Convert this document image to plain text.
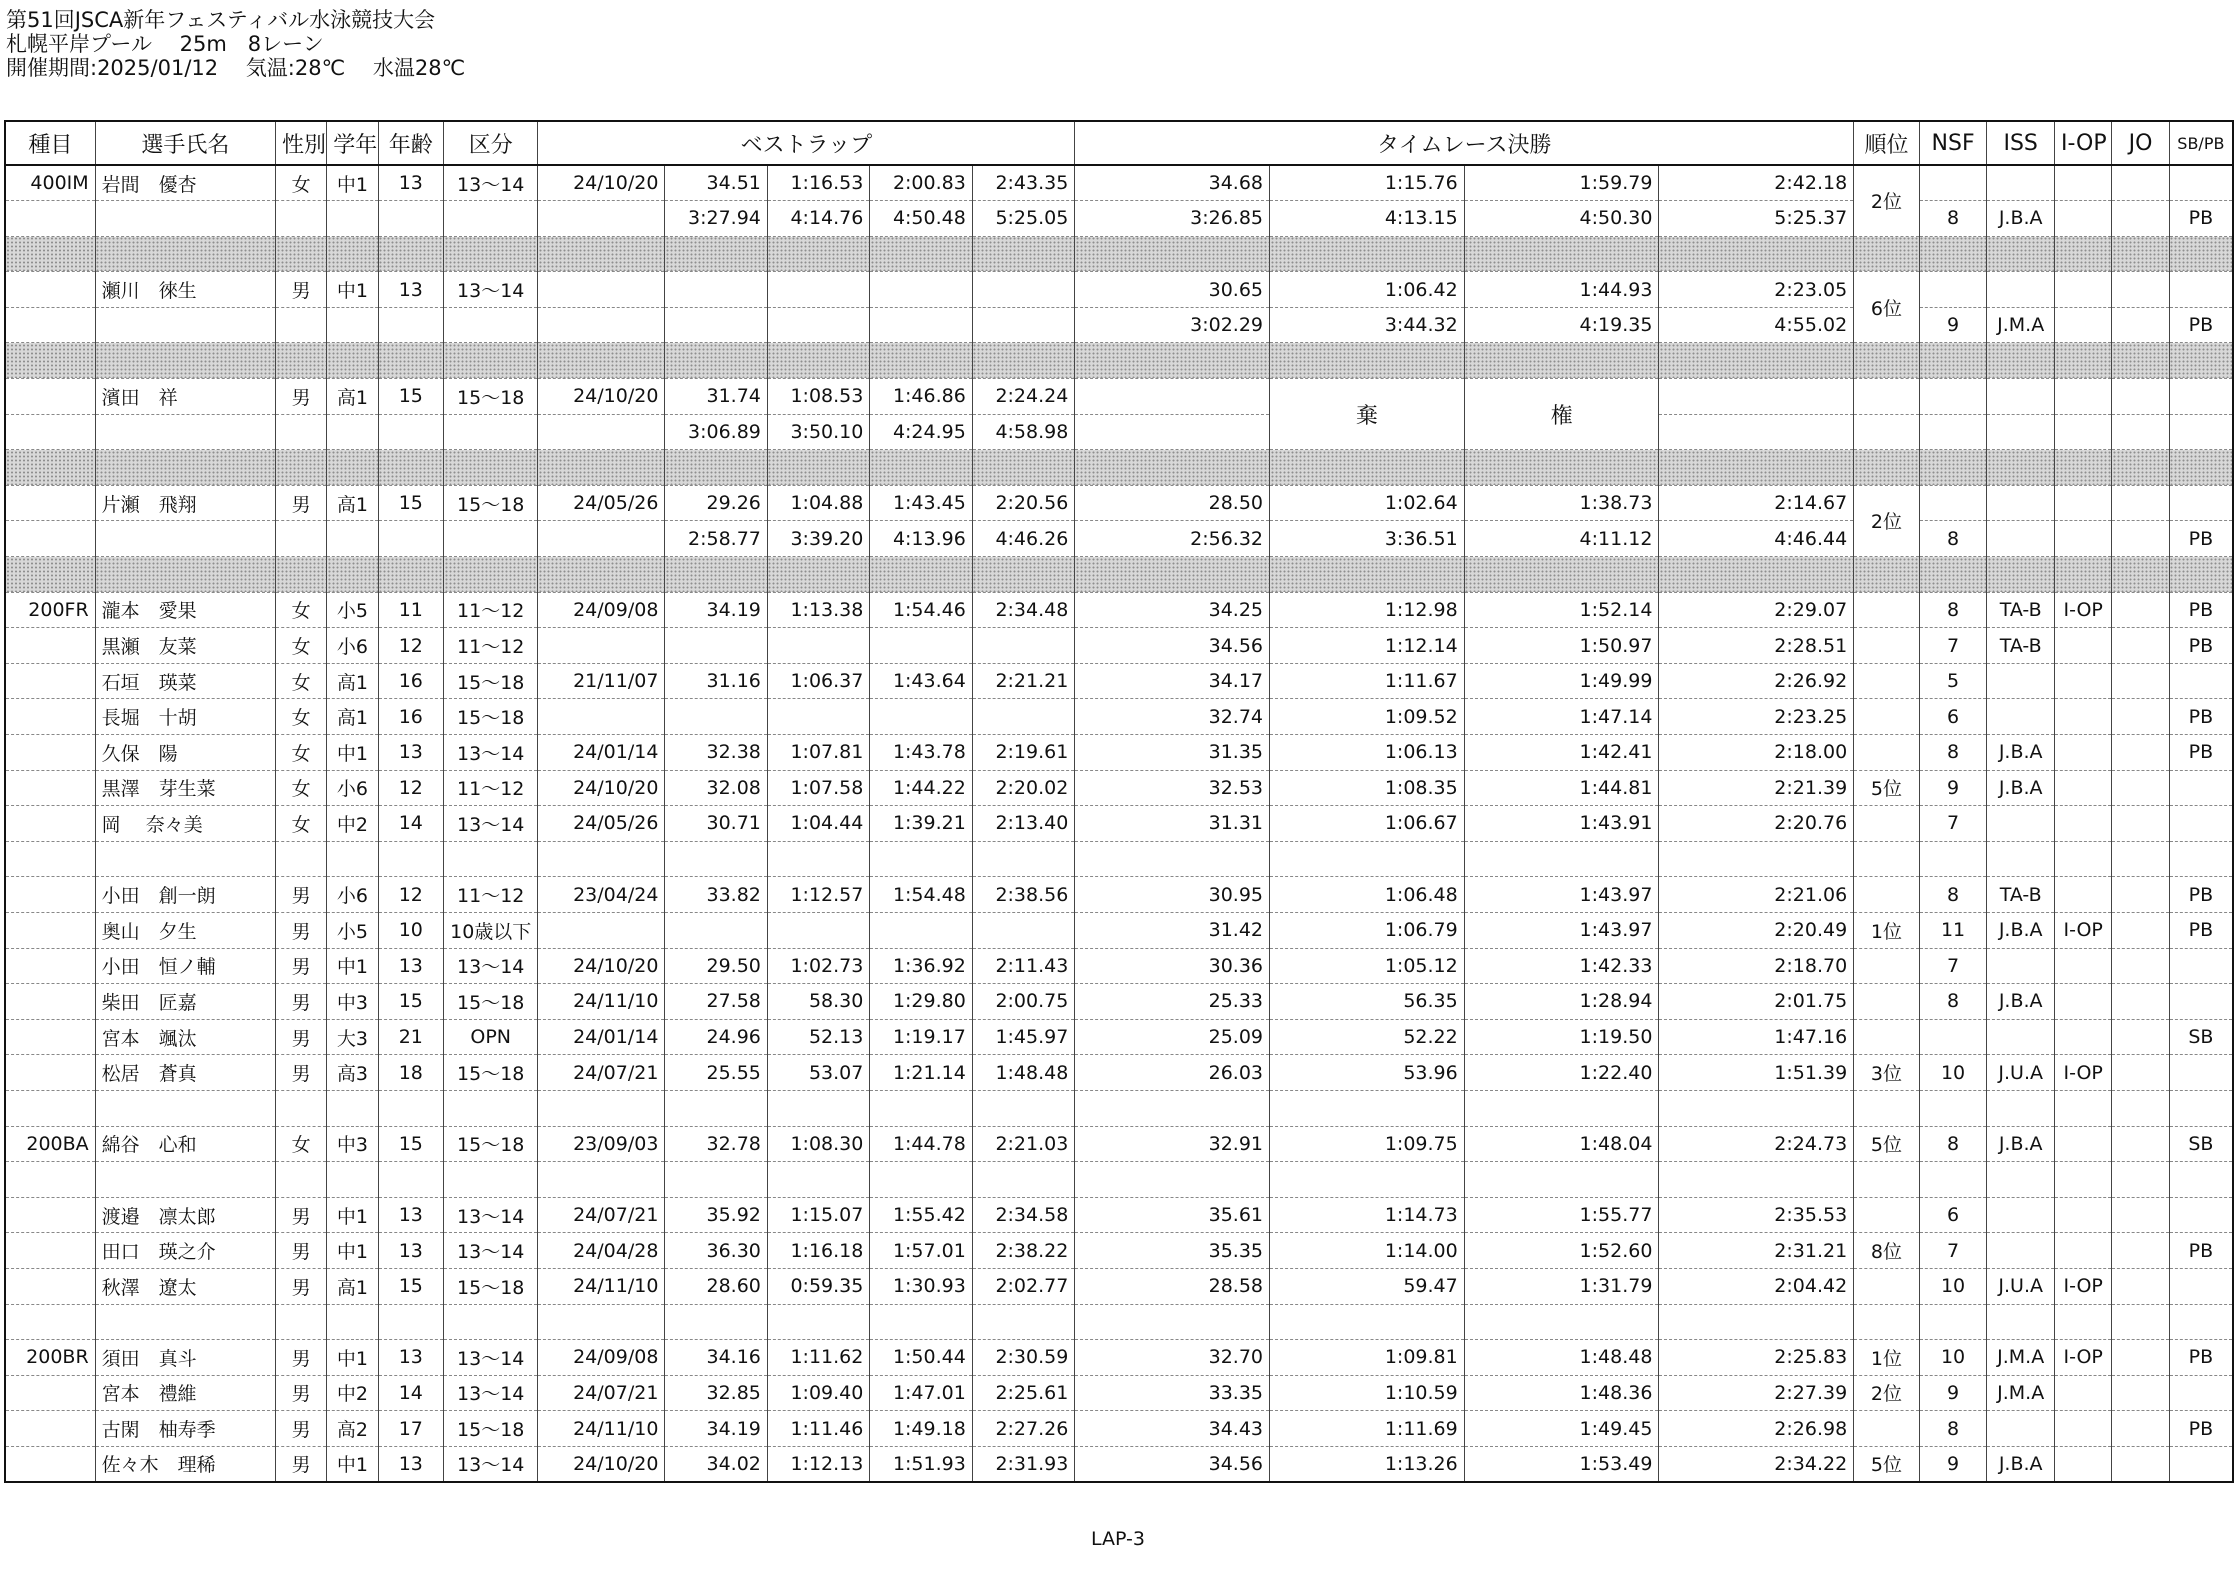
第51回JSCA新年フェスティバル水泳競技大会
札幌平岸プール　 25m　8レーン
開催期間:2025/01/12　 気温:28℃　 水温28℃
種目	選手氏名	性別	学年	年齢	区分	ベストラップ					タイムレース決勝				順位	NSF	ISS	I-OP	JO	SB/PB
400IM	岩間　優杏	女	中1	13	13～14	24/10/20	34.51	1:16.53	2:00.83	2:43.35	34.68	1:15.76	1:59.79	2:42.18	2位					
							3:27.94	4:14.76	4:50.48	5:25.05	3:26.85	4:13.15	4:50.30	5:25.37		8	J.B.A			PB

	瀬川　徠生	男	中1	13	13～14						30.65	1:06.42	1:44.93	2:23.05	6位					
											3:02.29	3:44.32	4:19.35	4:55.02		9	J.M.A			PB

	濱田　祥	男	高1	15	15～18	24/10/20	31.74	1:08.53	1:46.86	2:24.24		棄	権							
							3:06.89	3:50.10	4:24.95	4:58.98										

	片瀬　飛翔	男	高1	15	15～18	24/05/26	29.26	1:04.88	1:43.45	2:20.56	28.50	1:02.64	1:38.73	2:14.67	2位					
							2:58.77	3:39.20	4:13.96	4:46.26	2:56.32	3:36.51	4:11.12	4:46.44		8				PB

200FR	瀧本　愛果	女	小5	11	11～12	24/09/08	34.19	1:13.38	1:54.46	2:34.48	34.25	1:12.98	1:52.14	2:29.07		8	TA-B	I-OP		PB
	黒瀬　友菜	女	小6	12	11～12						34.56	1:12.14	1:50.97	2:28.51		7	TA-B			PB
	石垣　瑛菜	女	高1	16	15～18	21/11/07	31.16	1:06.37	1:43.64	2:21.21	34.17	1:11.67	1:49.99	2:26.92		5				
	長堀　十胡	女	高1	16	15～18						32.74	1:09.52	1:47.14	2:23.25		6				PB
	久保　陽	女	中1	13	13～14	24/01/14	32.38	1:07.81	1:43.78	2:19.61	31.35	1:06.13	1:42.41	2:18.00		8	J.B.A			PB
	黒澤　芽生菜	女	小6	12	11～12	24/10/20	32.08	1:07.58	1:44.22	2:20.02	32.53	1:08.35	1:44.81	2:21.39	5位	9	J.B.A			
	岡　 奈々美	女	中2	14	13～14	24/05/26	30.71	1:04.44	1:39.21	2:13.40	31.31	1:06.67	1:43.91	2:20.76		7				

	小田　創一朗	男	小6	12	11～12	23/04/24	33.82	1:12.57	1:54.48	2:38.56	30.95	1:06.48	1:43.97	2:21.06		8	TA-B			PB
	奥山　夕生	男	小5	10	10歳以下						31.42	1:06.79	1:43.97	2:20.49	1位	11	J.B.A	I-OP		PB
	小田　恒ノ輔	男	中1	13	13～14	24/10/20	29.50	1:02.73	1:36.92	2:11.43	30.36	1:05.12	1:42.33	2:18.70		7				
	柴田　匠嘉	男	中3	15	15～18	24/11/10	27.58	58.30	1:29.80	2:00.75	25.33	56.35	1:28.94	2:01.75		8	J.B.A			
	宮本　颯汰	男	大3	21	OPN	24/01/14	24.96	52.13	1:19.17	1:45.97	25.09	52.22	1:19.50	1:47.16						SB
	松居　蒼真	男	高3	18	15～18	24/07/21	25.55	53.07	1:21.14	1:48.48	26.03	53.96	1:22.40	1:51.39	3位	10	J.U.A	I-OP		

200BA	綿谷　心和	女	中3	15	15～18	23/09/03	32.78	1:08.30	1:44.78	2:21.03	32.91	1:09.75	1:48.04	2:24.73	5位	8	J.B.A			SB

	渡邉　凛太郎	男	中1	13	13～14	24/07/21	35.92	1:15.07	1:55.42	2:34.58	35.61	1:14.73	1:55.77	2:35.53		6				
	田口　瑛之介	男	中1	13	13～14	24/04/28	36.30	1:16.18	1:57.01	2:38.22	35.35	1:14.00	1:52.60	2:31.21	8位	7				PB
	秋澤　遼太	男	高1	15	15～18	24/11/10	28.60	0:59.35	1:30.93	2:02.77	28.58	59.47	1:31.79	2:04.42		10	J.U.A	I-OP		

200BR	須田　真斗	男	中1	13	13～14	24/09/08	34.16	1:11.62	1:50.44	2:30.59	32.70	1:09.81	1:48.48	2:25.83	1位	10	J.M.A	I-OP		PB
	宮本　禮維	男	中2	14	13～14	24/07/21	32.85	1:09.40	1:47.01	2:25.61	33.35	1:10.59	1:48.36	2:27.39	2位	9	J.M.A			
	古閑　柚寿季	男	高2	17	15～18	24/11/10	34.19	1:11.46	1:49.18	2:27.26	34.43	1:11.69	1:49.45	2:26.98		8				PB
	佐々木　理稀	男	中1	13	13～14	24/10/20	34.02	1:12.13	1:51.93	2:31.93	34.56	1:13.26	1:53.49	2:34.22	5位	9	J.B.A			
LAP-3
